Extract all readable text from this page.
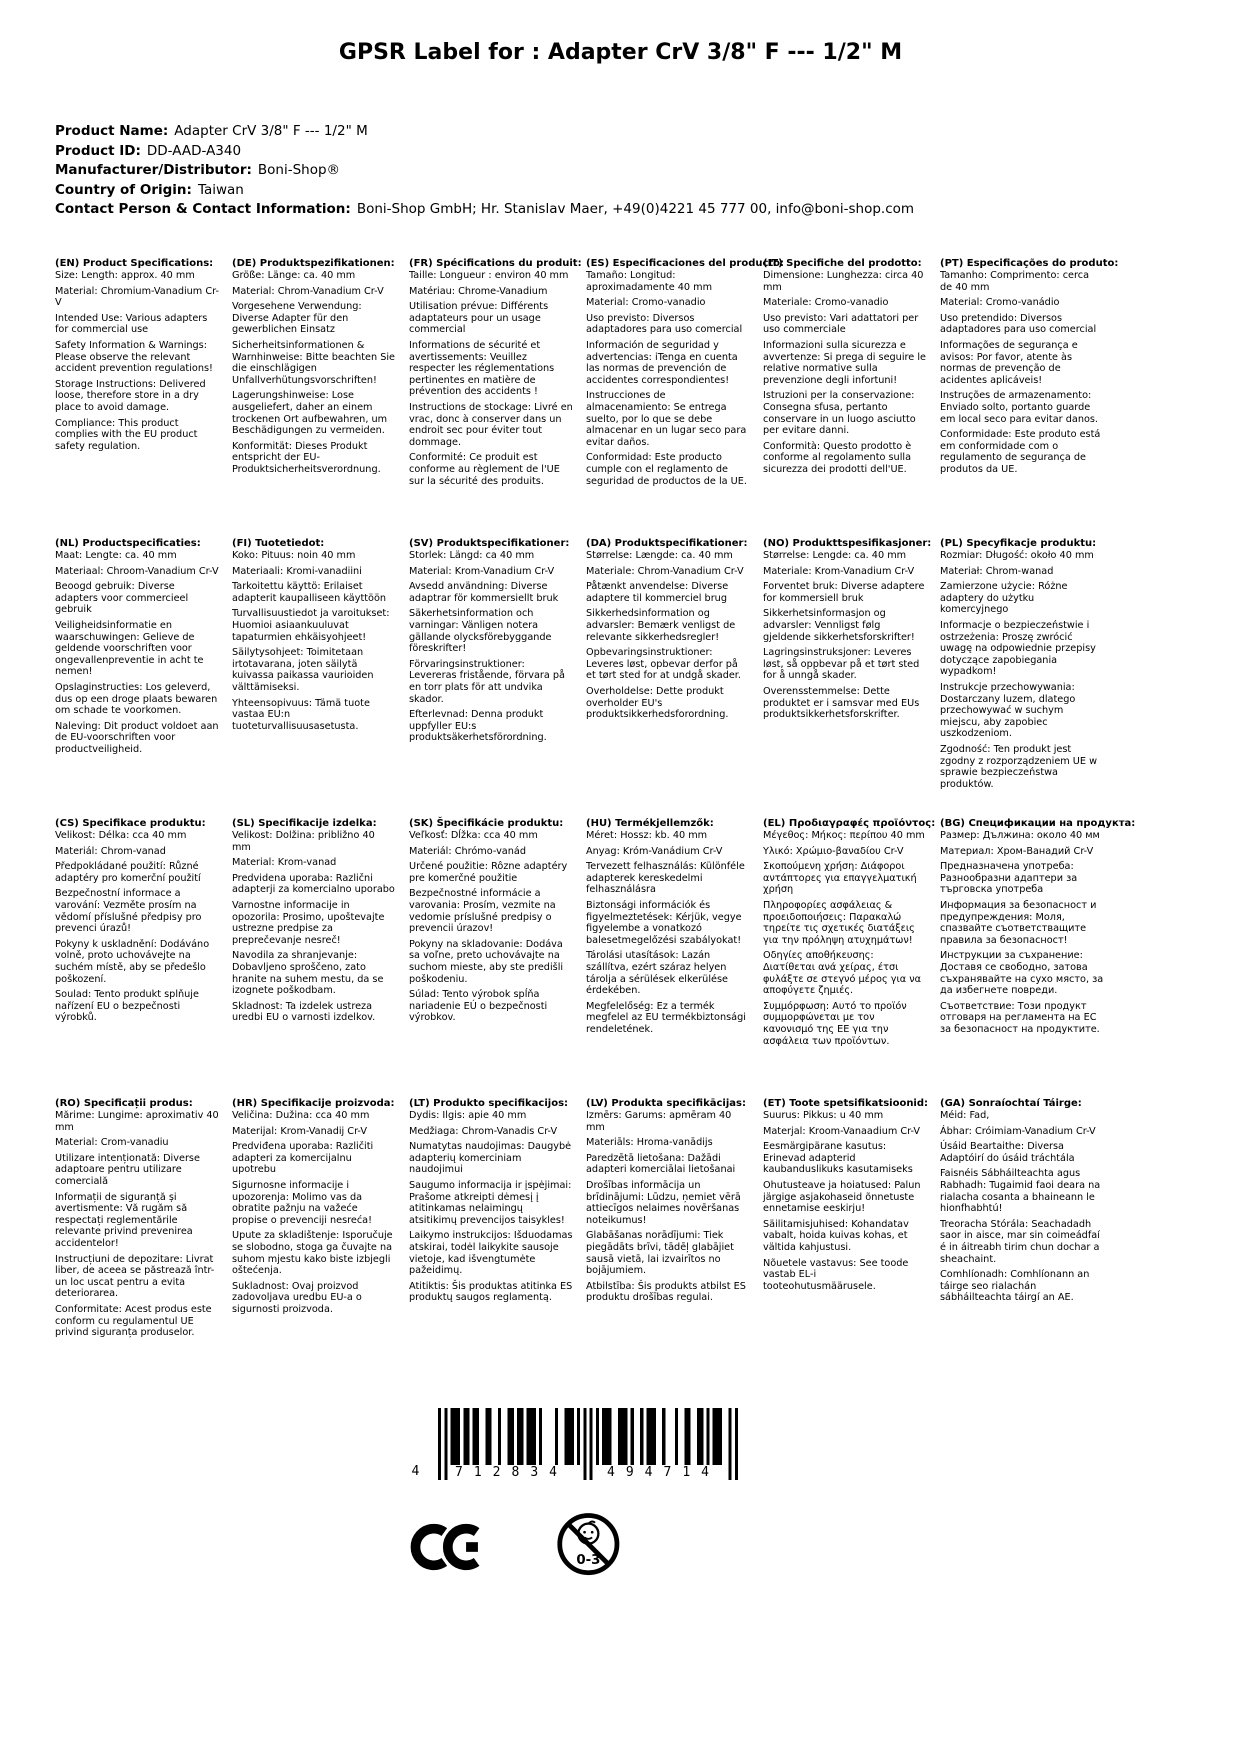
GPSR Label for : Adapter CrV 3/8" F --- 1/2" M
Product Name: Adapter CrV 3/8" F --- 1/2" M
Product ID: DD-AAD-A340
Manufacturer/Distributor: Boni-Shop®
Country of Origin: Taiwan
Contact Person & Contact Information: Boni-Shop GmbH; Hr. Stanislav Maer, +49(0)4221 45 777 00, info@boni-shop.com
(EN) Product Specifications:

Size: Length: approx. 40 mm

Material: Chromium-Vanadium Cr-V

Intended Use: Various adapters for commercial use

Safety Information & Warnings: Please observe the relevant accident prevention regulations!

Storage Instructions: Delivered loose, therefore store in a dry place to avoid damage.

Compliance: This product complies with the EU product safety regulation.

(DE) Produktspezifikationen:

Größe: Länge: ca. 40 mm

Material: Chrom-Vanadium Cr-V

Vorgesehene Verwendung: Diverse Adapter für den gewerblichen Einsatz

Sicherheitsinformationen & Warnhinweise: Bitte beachten Sie die einschlägigen Unfallverhütungsvorschriften!

Lagerungshinweise: Lose ausgeliefert, daher an einem trockenen Ort aufbewahren, um Beschädigungen zu vermeiden.

Konformität: Dieses Produkt entspricht der EU-Produktsicherheitsverordnung.

(FR) Spécifications du produit:

Taille: Longueur : environ 40 mm

Matériau: Chrome-Vanadium

Utilisation prévue: Différents adaptateurs pour un usage commercial

Informations de sécurité et avertissements: Veuillez respecter les réglementations pertinentes en matière de prévention des accidents !

Instructions de stockage: Livré en vrac, donc à conserver dans un endroit sec pour éviter tout dommage.

Conformité: Ce produit est conforme au règlement de l'UE sur la sécurité des produits.

(ES) Especificaciones del producto:

Tamaño: Longitud: aproximadamente 40 mm

Material: Cromo-vanadio

Uso previsto: Diversos adaptadores para uso comercial

Información de seguridad y advertencias: iTenga en cuenta las normas de prevención de accidentes correspondientes!

Instrucciones de almacenamiento: Se entrega suelto, por lo que se debe almacenar en un lugar seco para evitar daños.

Conformidad: Este producto cumple con el reglamento de seguridad de productos de la UE.

(IT) Specifiche del prodotto:

Dimensione: Lunghezza: circa 40 mm

Materiale: Cromo-vanadio

Uso previsto: Vari adattatori per uso commerciale

Informazioni sulla sicurezza e avvertenze: Si prega di seguire le relative normative sulla prevenzione degli infortuni!

Istruzioni per la conservazione: Consegna sfusa, pertanto conservare in un luogo asciutto per evitare danni.

Conformità: Questo prodotto è conforme al regolamento sulla sicurezza dei prodotti dell'UE.

(PT) Especificações do produto:

Tamanho: Comprimento: cerca de 40 mm

Material: Cromo-vanádio

Uso pretendido: Diversos adaptadores para uso comercial

Informações de segurança e avisos: Por favor, atente às normas de prevenção de acidentes aplicáveis!

Instruções de armazenamento: Enviado solto, portanto guarde em local seco para evitar danos.

Conformidade: Este produto está em conformidade com o regulamento de segurança de produtos da UE.

(NL) Productspecificaties:

Maat: Lengte: ca. 40 mm

Materiaal: Chroom-Vanadium Cr-V

Beoogd gebruik: Diverse adapters voor commercieel gebruik

Veiligheidsinformatie en waarschuwingen: Gelieve de geldende voorschriften voor ongevallenpreventie in acht te nemen!

Opslaginstructies: Los geleverd, dus op een droge plaats bewaren om schade te voorkomen.

Naleving: Dit product voldoet aan de EU-voorschriften voor productveiligheid.

(FI) Tuotetiedot:

Koko: Pituus: noin 40 mm

Materiaali: Kromi-vanadiini

Tarkoitettu käyttö: Erilaiset adapterit kaupalliseen käyttöön

Turvallisuustiedot ja varoitukset: Huomioi asiaankuuluvat tapaturmien ehkäisyohjeet!

Säilytysohjeet: Toimitetaan irtotavarana, joten säilytä kuivassa paikassa vaurioiden välttämiseksi.

Yhteensopivuus: Tämä tuote vastaa EU:n tuoteturvallisuusasetusta.

(SV) Produktspecifikationer:

Storlek: Längd: ca 40 mm

Material: Krom-Vanadium Cr-V

Avsedd användning: Diverse adaptrar för kommersiellt bruk

Säkerhetsinformation och varningar: Vänligen notera gällande olycksförebyggande föreskrifter!

Förvaringsinstruktioner: Levereras fristående, förvara på en torr plats för att undvika skador.

Efterlevnad: Denna produkt uppfyller EU:s produktsäkerhetsförordning.

(DA) Produktspecifikationer:

Størrelse: Længde: ca. 40 mm

Materiale: Chrom-Vanadium Cr-V

Påtænkt anvendelse: Diverse adaptere til kommerciel brug

Sikkerhedsinformation og advarsler: Bemærk venligst de relevante sikkerhedsregler!

Opbevaringsinstruktioner: Leveres løst, opbevar derfor på et tørt sted for at undgå skader.

Overholdelse: Dette produkt overholder EU's produktsikkerhedsforordning.

(NO) Produkttspesifikasjoner:

Størrelse: Lengde: ca. 40 mm

Materiale: Krom-Vanadium Cr-V

Forventet bruk: Diverse adaptere for kommersiell bruk

Sikkerhetsinformasjon og advarsler: Vennligst følg gjeldende sikkerhetsforskrifter!

Lagringsinstruksjoner: Leveres løst, så oppbevar på et tørt sted for å unngå skader.

Overensstemmelse: Dette produktet er i samsvar med EUs produktsikkerhetsforskrifter.

(PL) Specyfikacje produktu:

Rozmiar: Długość: około 40 mm

Materiał: Chrom-wanad

Zamierzone użycie: Różne adaptery do użytku komercyjnego

Informacje o bezpieczeństwie i ostrzeżenia: Proszę zwrócić uwagę na odpowiednie przepisy dotyczące zapobiegania wypadkom!

Instrukcje przechowywania: Dostarczany luzem, dlatego przechowywać w suchym miejscu, aby zapobiec uszkodzeniom.

Zgodność: Ten produkt jest zgodny z rozporządzeniem UE w sprawie bezpieczeństwa produktów.

(CS) Specifikace produktu:

Velikost: Délka: cca 40 mm

Materiál: Chrom-vanad

Předpokládané použití: Různé adaptéry pro komerční použití

Bezpečnostní informace a varování: Vezměte prosím na vědomí příslušné předpisy pro prevenci úrazů!

Pokyny k uskladnění: Dodáváno volně, proto uchovávejte na suchém místě, aby se předešlo poškození.

Soulad: Tento produkt splňuje nařízení EU o bezpečnosti výrobků.

(SL) Specifikacije izdelka:

Velikost: Dolžina: približno 40 mm

Material: Krom-vanad

Predvidena uporaba: Različni adapterji za komercialno uporabo

Varnostne informacije in opozorila: Prosimo, upoštevajte ustrezne predpise za preprečevanje nesreč!

Navodila za shranjevanje: Dobavljeno sproščeno, zato hranite na suhem mestu, da se izognete poškodbam.

Skladnost: Ta izdelek ustreza uredbi EU o varnosti izdelkov.

(SK) Špecifikácie produktu:

Veľkosť: Dĺžka: cca 40 mm

Materiál: Chrómo-vanád

Určené použitie: Rôzne adaptéry pre komerčné použitie

Bezpečnostné informácie a varovania: Prosím, vezmite na vedomie príslušné predpisy o prevencii úrazov!

Pokyny na skladovanie: Dodáva sa voľne, preto uchovávajte na suchom mieste, aby ste predišli poškodeniu.

Súlad: Tento výrobok spĺňa nariadenie EÚ o bezpečnosti výrobkov.

(HU) Termékjellemzők:

Méret: Hossz: kb. 40 mm

Anyag: Króm-Vanádium Cr-V

Tervezett felhasználás: Különféle adapterek kereskedelmi felhasználásra

Biztonsági információk és figyelmeztetések: Kérjük, vegye figyelembe a vonatkozó balesetmegelőzési szabályokat!

Tárolási utasítások: Lazán szállítva, ezért száraz helyen tárolja a sérülések elkerülése érdekében.

Megfelelőség: Ez a termék megfelel az EU termékbiztonsági rendeletének.

(EL) Προδιαγραφές προϊόντος:

Μέγεθος: Μήκος: περίπου 40 mm

Υλικό: Χρώμιο-βαναδίου Cr-V

Σκοπούμενη χρήση: Διάφοροι αντάπτορες για επαγγελματική χρήση

Πληροφορίες ασφάλειας & προειδοποιήσεις: Παρακαλώ τηρείτε τις σχετικές διατάξεις για την πρόληψη ατυχημάτων!

Οδηγίες αποθήκευσης: Διατίθεται ανά χείρας, έτσι φυλάξτε σε στεγνό μέρος για να αποφύγετε ζημιές.

Συμμόρφωση: Αυτό το προϊόν συμμορφώνεται με τον κανονισμό της ΕΕ για την ασφάλεια των προϊόντων.

(BG) Спецификации на продукта:

Размер: Дължина: около 40 мм

Материал: Хром-Ванадий Cr-V

Предназначена употреба: Разнообразни адаптери за търговска употреба

Информация за безопасност и предупреждения: Моля, спазвайте съответстващите правила за безопасност!

Инструкции за съхранение: Доставя се свободно, затова съхранявайте на сухо място, за да избегнете повреди.

Съответствие: Този продукт отговаря на регламента на ЕС за безопасност на продуктите.

(RO) Specificații produs:

Mărime: Lungime: aproximativ 40 mm

Material: Crom-vanadiu

Utilizare intenționată: Diverse adaptoare pentru utilizare comercială

Informații de siguranță și avertismente: Vă rugăm să respectați reglementările relevante privind prevenirea accidentelor!

Instrucțiuni de depozitare: Livrat liber, de aceea se păstrează într-un loc uscat pentru a evita deteriorarea.

Conformitate: Acest produs este conform cu regulamentul UE privind siguranța produselor.

(HR) Specifikacije proizvoda:

Veličina: Dužina: cca 40 mm

Materijal: Krom-Vanadij Cr-V

Predviđena uporaba: Različiti adapteri za komercijalnu upotrebu

Sigurnosne informacije i upozorenja: Molimo vas da obratite pažnju na važeće propise o prevenciji nesreća!

Upute za skladištenje: Isporučuje se slobodno, stoga ga čuvajte na suhom mjestu kako biste izbjegli oštećenja.

Sukladnost: Ovaj proizvod zadovoljava uredbu EU-a o sigurnosti proizvoda.

(LT) Produkto specifikacijos:

Dydis: Ilgis: apie 40 mm

Medžiaga: Chrom-Vanadis Cr-V

Numatytas naudojimas: Daugybė adapterių komerciniam naudojimui

Saugumo informacija ir įspėjimai: Prašome atkreipti dėmesį į atitinkamas nelaimingų atsitikimų prevencijos taisykles!

Laikymo instrukcijos: Išduodamas atskirai, todėl laikykite sausoje vietoje, kad išvengtumėte pažeidimų.

Atitiktis: Šis produktas atitinka ES produktų saugos reglamentą.

(LV) Produkta specifikācijas:

Izmērs: Garums: apmēram 40 mm

Materiāls: Hroma-vanādijs

Paredzētā lietošana: Dažādi adapteri komerciālai lietošanai

Drošības informācija un brīdinājumi: Lūdzu, ņemiet vērā attiecīgos nelaimes novēršanas noteikumus!

Glabāšanas norādījumi: Tiek piegādāts brīvi, tādēļ glabājiet sausā vietā, lai izvairītos no bojājumiem.

Atbilstība: Šis produkts atbilst ES produktu drošības regulai.

(ET) Toote spetsifikatsioonid:

Suurus: Pikkus: u 40 mm

Materjal: Kroom-Vanaadium Cr-V

Eesmärgipärane kasutus: Erinevad adapterid kaubanduslikuks kasutamiseks

Ohutusteave ja hoiatused: Palun järgige asjakohaseid õnnetuste ennetamise eeskirju!

Säilitamisjuhised: Kohandatav vabalt, hoida kuivas kohas, et vältida kahjustusi.

Nõuetele vastavus: See toode vastab EL-i tooteohutusmäärusele.

(GA) Sonraíochtaí Táirge:

Méid: Fad,

Ábhar: Cróimiam-Vanadium Cr-V

Úsáid Beartaithe: Diversa Adaptóirí do úsáid tráchtála

Faisnéis Sábháilteachta agus Rabhadh: Tugaimid faoi deara na rialacha cosanta a bhaineann le hionfhabhtú!

Treoracha Stórála: Seachadadh saor in aisce, mar sin coimeádfaí é in áitreabh tirim chun dochar a sheachaint.

Comhlíonadh: Comhlíonann an táirge seo rialachán sábháilteachta táirgí an AE.

4	712834	494714
0-3
